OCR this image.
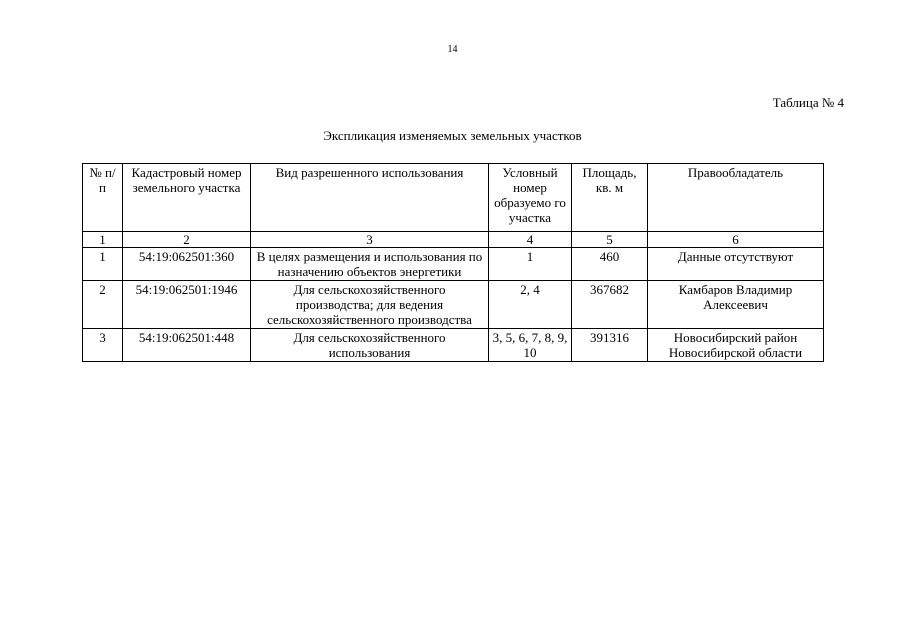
14
Таблица № 4
Экспликация изменяемых земельных участков
№ п/п	Кадастровый номер земельного участка	Вид разрешенного использования	Условный номер образуемо го участка	Площадь, кв. м	Правообладатель
1	2	3	4	5	6
1	54:19:062501:360	В целях размещения и использования по назначению объектов энергетики	1	460	Данные отсутствуют
2	54:19:062501:1946	Для сельскохозяйственного производства; для ведения сельскохозяйственного производства	2, 4	367682	Камбаров Владимир Алексеевич
3	54:19:062501:448	Для сельскохозяйственного использования	3, 5, 6, 7, 8, 9, 10	391316	Новосибирский район Новосибирской области
